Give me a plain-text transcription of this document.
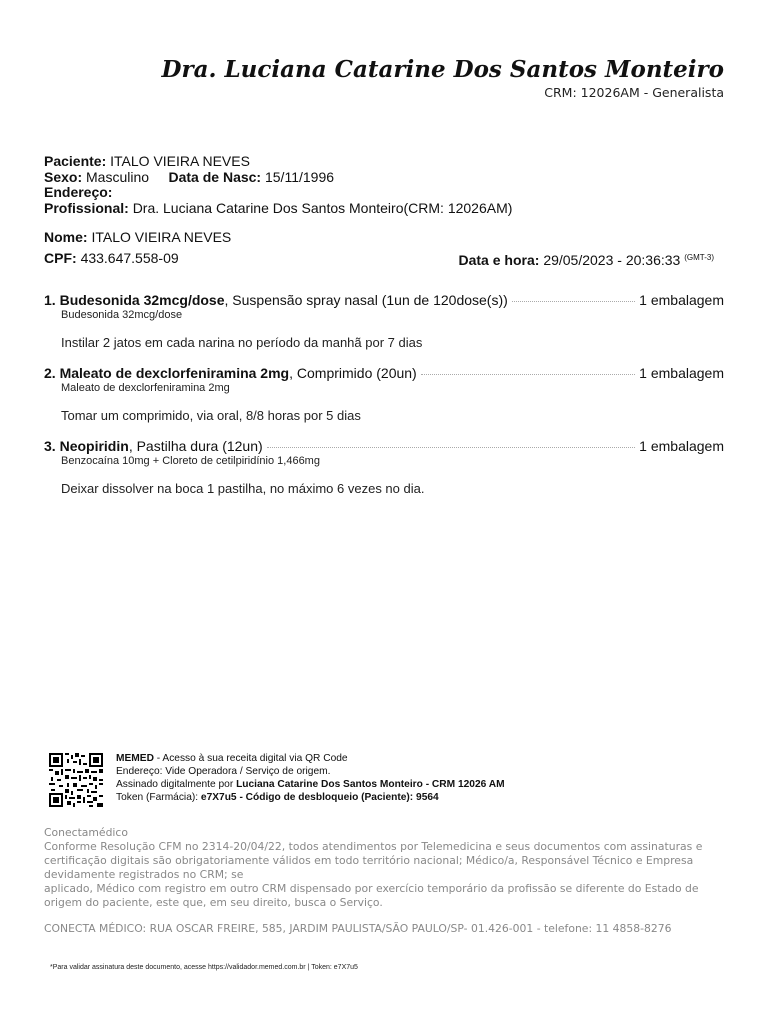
Dra. Luciana Catarine Dos Santos Monteiro
CRM: 12026AM - Generalista
Paciente: ITALO VIEIRA NEVES
Sexo: Masculino Data de Nasc: 15/11/1996
Endereço:
Profissional: Dra. Luciana Catarine Dos Santos Monteiro(CRM: 12026AM)
Nome: ITALO VIEIRA NEVES
CPF: 433.647.558-09	Data e hora: 29/05/2023 - 20:36:33 $^{(GMT-3)}$
1. Budesonida 32mcg/dose, Suspensão spray nasal (1un de 120dose(s))	1 embalagem
Budesonida 32mcg/dose
Instilar 2 jatos em cada narina no período da manhã por 7 dias
2. Maleato de dexclorfeniramina 2mg, Comprimido (20un)	1 embalagem
Maleato de dexclorfeniramina 2mg
Tomar um comprimido, via oral, 8/8 horas por 5 dias
3. Neopiridin, Pastilha dura (12un)	1 embalagem
Benzocaína 10mg + Cloreto de cetilpiridínio 1,466mg
Deixar dissolver na boca 1 pastilha, no máximo 6 vezes no dia.
MEMED - Acesso à sua receita digital via QR Code
Endereço: Vide Operadora / Serviço de origem.
Assinado digitalmente por Luciana Catarine Dos Santos Monteiro - CRM 12026 AM
Token (Farmácia): e7X7u5 - Código de desbloqueio (Paciente): 9564
Conectamédico
Conforme Resolução CFM no 2314-20/04/22, todos atendimentos por Telemedicina e seus documentos com assinaturas e certificação digitais são obrigatoriamente válidos em todo território nacional; Médico/a, Responsável Técnico e Empresa devidamente registrados no CRM; se
aplicado, Médico com registro em outro CRM dispensado por exercício temporário da profissão se diferente do Estado de origem do paciente, este que, em seu direito, busca o Serviço.
CONECTA MÉDICO: RUA OSCAR FREIRE, 585, JARDIM PAULISTA/SÃO PAULO/SP- 01.426-001 - telefone: 11 4858-8276
*Para validar assinatura deste documento, acesse https://validador.memed.com.br | Token: e7X7u5
